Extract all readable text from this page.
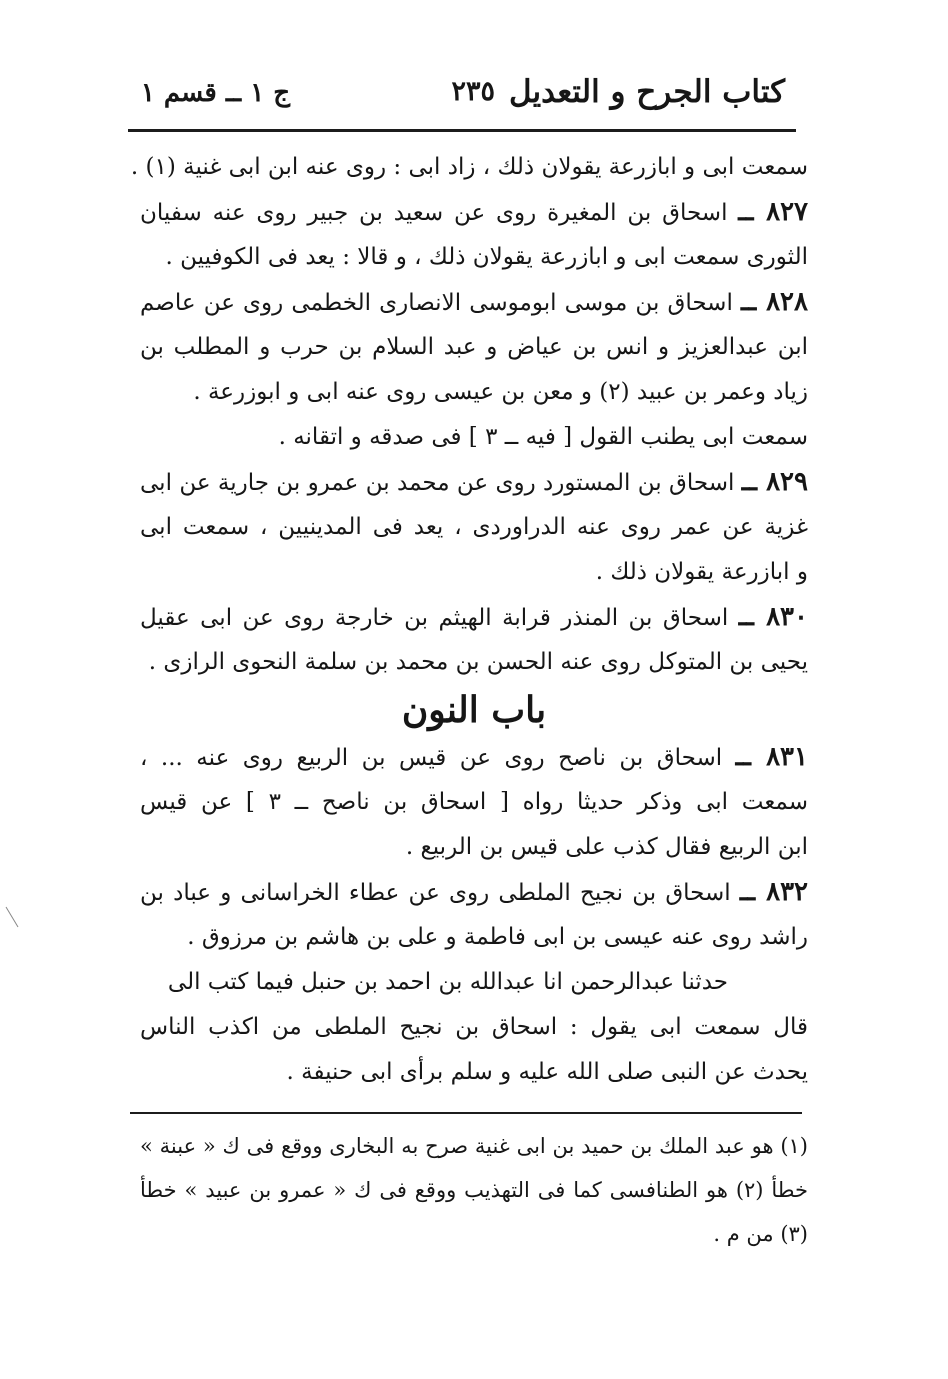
كتاب الجرح و التعديل
٢٣٥
ج ١ ــ قسم ١
سمعت ابى و ابازرعة يقولان ذلك ، زاد ابى : روى عنه ابن ابى غنية (١) .
٨٢٧ ــ اسحاق بن المغيرة روى عن سعيد بن جبير روى عنه سفيان
الثورى سمعت ابى و ابازرعة يقولان ذلك ، و قالا : يعد فى الكوفيين .
٨٢٨ ــ اسحاق بن موسى ابوموسى الانصارى الخطمى روى عن عاصم
ابن عبدالعزيز و انس بن عياض و عبد السلام بن حرب و المطلب بن
زياد وعمر بن عبيد (٢) و معن بن عيسى روى عنه ابى و ابوزرعة .
سمعت ابى يطنب القول [ فيه ــ ٣ ] فى صدقه و اتقانه .
٨٢٩ ــ اسحاق بن المستورد روى عن محمد بن عمرو بن جارية عن ابى
غزية عن عمر روى عنه الدراوردى ، يعد فى المدينيين ، سمعت ابى
و ابازرعة يقولان ذلك .
٨٣٠ ــ اسحاق بن المنذر قرابة الهيثم بن خارجة روى عن ابى عقيل
يحيى بن المتوكل روى عنه الحسن بن محمد بن سلمة النحوى الرازى .
باب النون
٨٣١ ــ اسحاق بن ناصح روى عن قيس بن الربيع روى عنه ... ،
سمعت ابى وذكر حديثا رواه [ اسحاق بن ناصح ــ ٣ ] عن قيس
ابن الربيع فقال كذب على قيس بن الربيع .
٨٣٢ ــ اسحاق بن نجيح الملطى روى عن عطاء الخراسانى و عباد بن
راشد روى عنه عيسى بن ابى فاطمة و على بن هاشم بن مرزوق .
حدثنا عبدالرحمن انا عبدالله بن احمد بن حنبل فيما كتب الى
قال سمعت ابى يقول : اسحاق بن نجيح الملطى من اكذب الناس
يحدث عن النبى صلى الله عليه و سلم برأى ابى حنيفة .
(١) هو عبد الملك بن حميد بن ابى غنية صرح به البخارى ووقع فى ك « عبنة »
خطأ (٢) هو الطنافسى كما فى التهذيب ووقع فى ك « عمرو بن عبيد » خطأ
(٣) من م .
